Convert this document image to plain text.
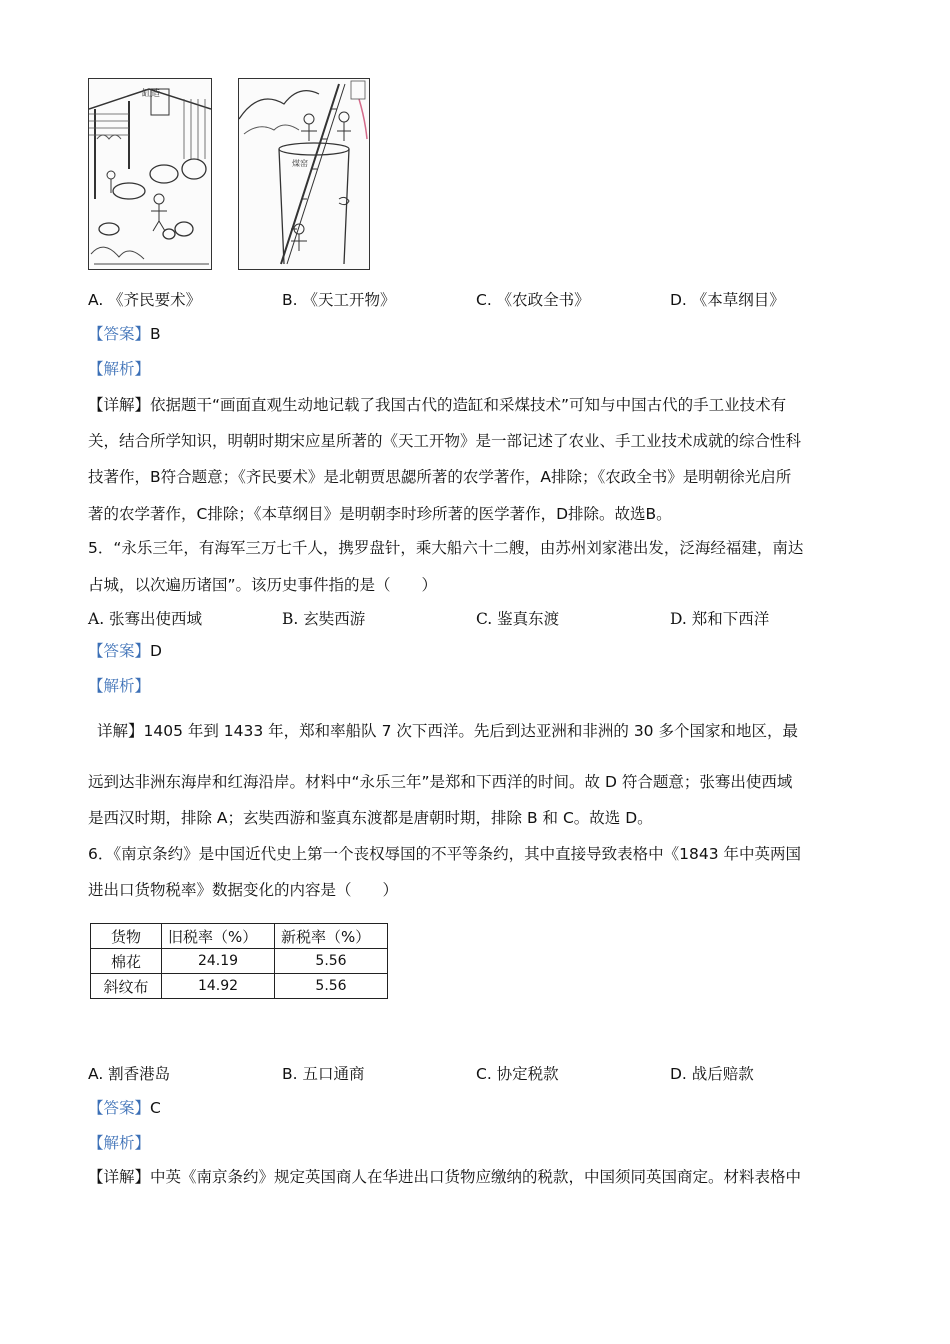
缸造
煤窑
A. 《齐民要术》	B. 《天工开物》	C. 《农政全书》	D. 《本草纲目》
【答案】B
【解析】
【详解】依据题干“画面直观生动地记载了我国古代的造缸和采煤技术”可知与中国古代的手工业技术有
关，结合所学知识，明朝时期宋应星所著的《天工开物》是一部记述了农业、手工业技术成就的综合性科
技著作，B符合题意；《齐民要术》是北朝贾思勰所著的农学著作，A排除；《农政全书》是明朝徐光启所
著的农学著作，C排除；《本草纲目》是明朝李时珍所著的医学著作，D排除。故选B。
5．“永乐三年，有海军三万七千人，携罗盘针，乘大船六十二艘，由苏州刘家港出发，泛海经福建，南达
占城，以次遍历诸国”。该历史事件指的是（　　）
A. 张骞出使西域	B. 玄奘西游	C. 鉴真东渡	D. 郑和下西洋
【答案】D
【解析】
详解】1405 年到 1433 年，郑和率船队 7 次下西洋。先后到达亚洲和非洲的 30 多个国家和地区，最
远到达非洲东海岸和红海沿岸。材料中“永乐三年”是郑和下西洋的时间。故 D 符合题意；张骞出使西域
是西汉时期，排除 A；玄奘西游和鉴真东渡都是唐朝时期，排除 B 和 C。故选 D。
6．《南京条约》是中国近代史上第一个丧权辱国的不平等条约，其中直接导致表格中《1843 年中英两国
进出口货物税率》数据变化的内容是（　　）
货物	旧税率（%）	新税率（%）
棉花	24.19	5.56
斜纹布	14.92	5.56
A. 割香港岛	B. 五口通商	C. 协定税款	D. 战后赔款
【答案】C
【解析】
【详解】中英《南京条约》规定英国商人在华进出口货物应缴纳的税款，中国须同英国商定。材料表格中
